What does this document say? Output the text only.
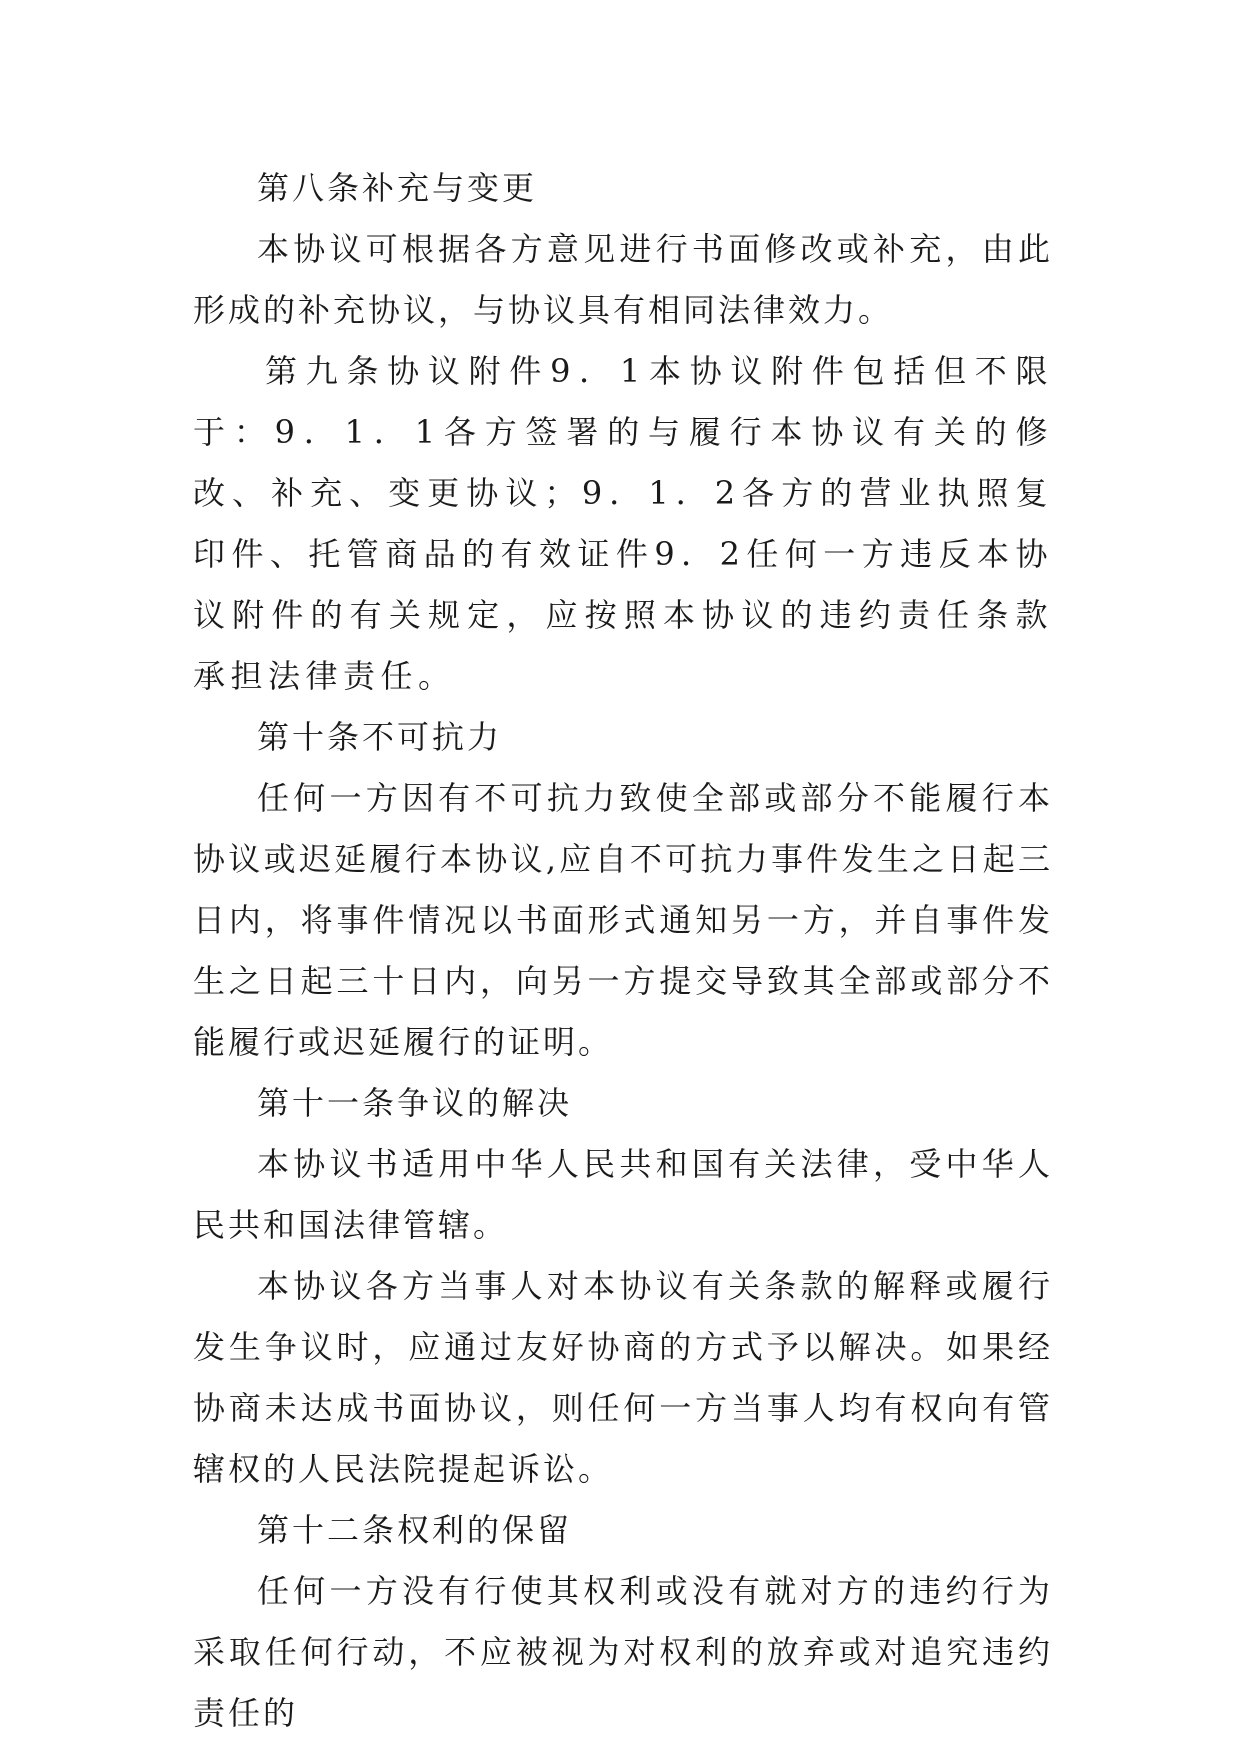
第八条补充与变更

本协议可根据各方意见进行书面修改或补充，由此形成的补充协议，与协议具有相同法律效力。

第九条协议附件9．1本协议附件包括但不限于：9．1．1各方签署的与履行本协议有关的修改、补充、变更协议；9．1．2各方的营业执照复印件、托管商品的有效证件9．2任何一方违反本协议附件的有关规定，应按照本协议的违约责任条款承担法律责任。

第十条不可抗力

任何一方因有不可抗力致使全部或部分不能履行本协议或迟延履行本协议,应自不可抗力事件发生之日起三日内，将事件情况以书面形式通知另一方，并自事件发生之日起三十日内，向另一方提交导致其全部或部分不能履行或迟延履行的证明。

第十一条争议的解决

本协议书适用中华人民共和国有关法律，受中华人民共和国法律管辖。

本协议各方当事人对本协议有关条款的解释或履行发生争议时，应通过友好协商的方式予以解决。如果经协商未达成书面协议，则任何一方当事人均有权向有管辖权的人民法院提起诉讼。

第十二条权利的保留

任何一方没有行使其权利或没有就对方的违约行为采取任何行动，不应被视为对权利的放弃或对追究违约责任的
